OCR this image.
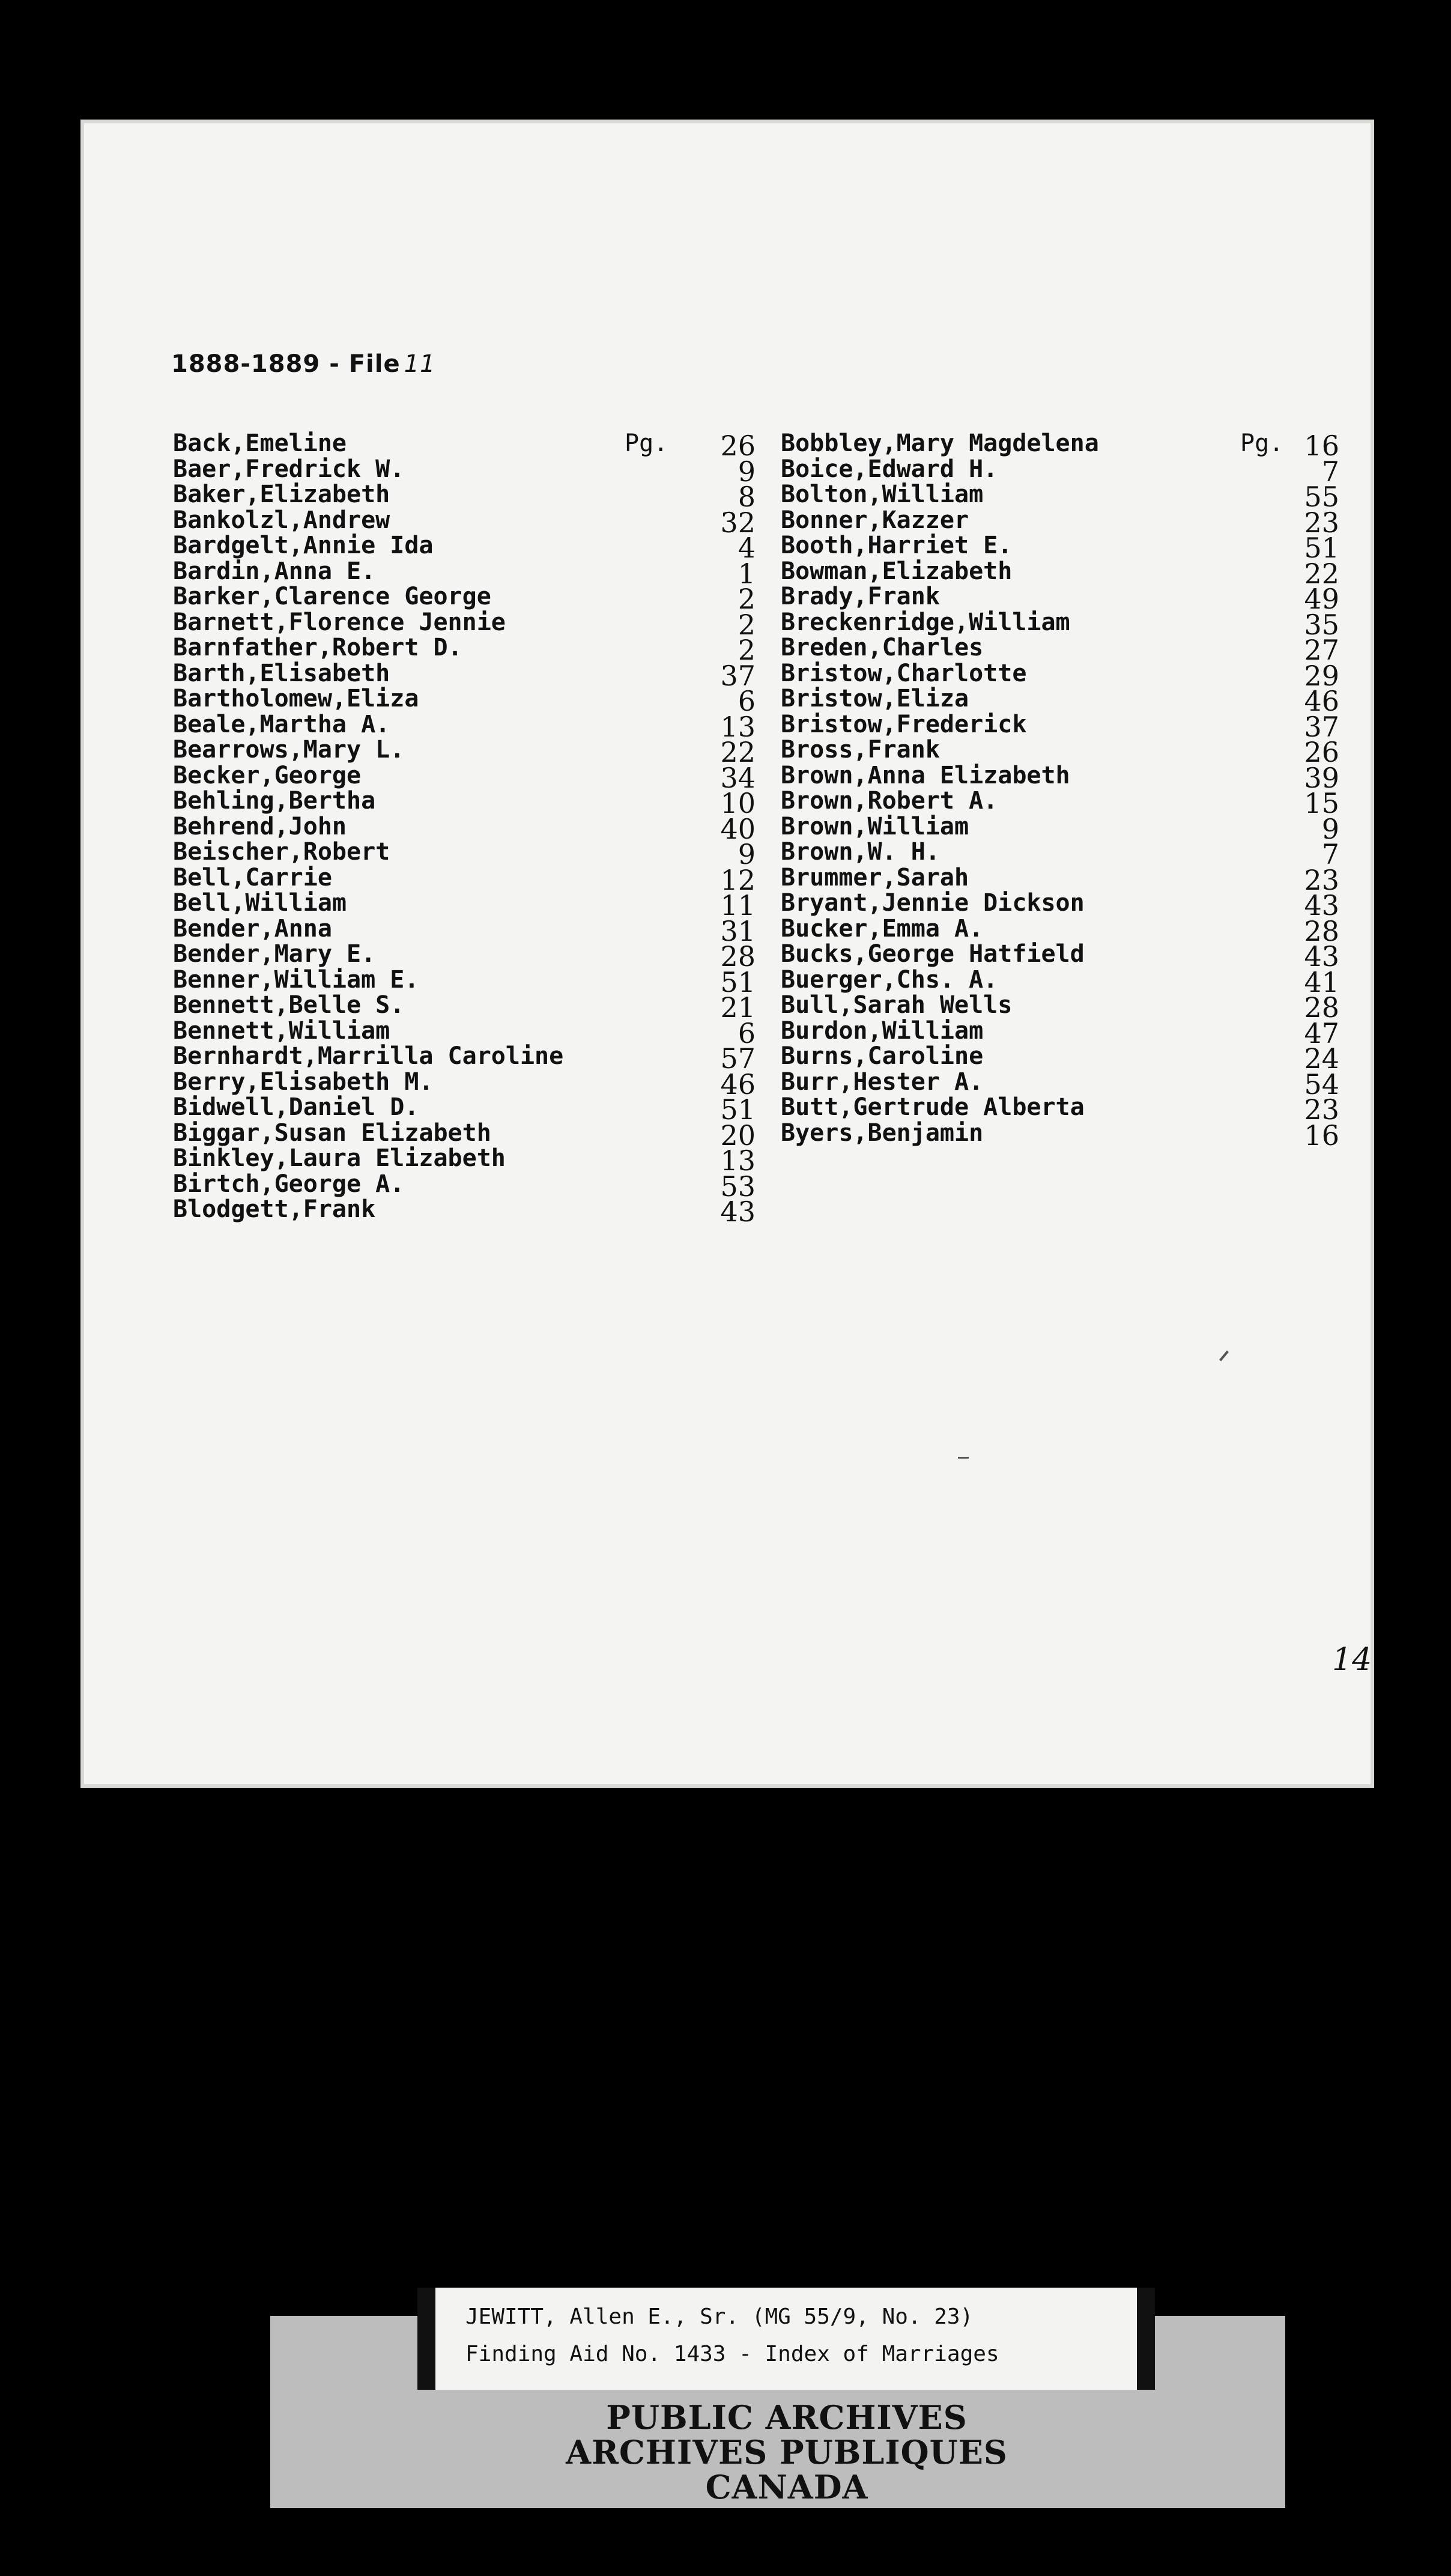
1888-1889 - File 11
Back,Emeline	Pg.	26
Baer,Fredrick W.	9
Baker,Elizabeth	8
Bankolzl,Andrew	32
Bardgelt,Annie Ida	4
Bardin,Anna E.	1
Barker,Clarence George	2
Barnett,Florence Jennie	2
Barnfather,Robert D.	2
Barth,Elisabeth	37
Bartholomew,Eliza	6
Beale,Martha A.	13
Bearrows,Mary L.	22
Becker,George	34
Behling,Bertha	10
Behrend,John	40
Beischer,Robert	9
Bell,Carrie	12
Bell,William	11
Bender,Anna	31
Bender,Mary E.	28
Benner,William E.	51
Bennett,Belle S.	21
Bennett,William	6
Bernhardt,Marrilla Caroline	57
Berry,Elisabeth M.	46
Bidwell,Daniel D.	51
Biggar,Susan Elizabeth	20
Binkley,Laura Elizabeth	13
Birtch,George A.	53
Blodgett,Frank	43
Bobbley,Mary Magdelena	Pg. 16
Boice,Edward H.	7
Bolton,William	55
Bonner,Kazzer	23
Booth,Harriet E.	51
Bowman,Elizabeth	22
Brady,Frank	49
Breckenridge,William	35
Breden,Charles	27
Bristow,Charlotte	29
Bristow,Eliza	46
Bristow,Frederick	37
Bross,Frank	26
Brown,Anna Elizabeth	39
Brown,Robert A.	15
Brown,William	9
Brown,W. H.	7
Brummer,Sarah	23
Bryant,Jennie Dickson	43
Bucker,Emma A.	28
Bucks,George Hatfield	43
Buerger,Chs. A.	41
Bull,Sarah Wells	28
Burdon,William	47
Burns,Caroline	24
Burr,Hester A.	54
Butt,Gertrude Alberta	23
Byers,Benjamin	16
14
JEWITT, Allen E., Sr. (MG 55/9, No. 23)
Finding Aid No. 1433 - Index of Marriages
PUBLIC ARCHIVES
ARCHIVES PUBLIQUES
CANADA
